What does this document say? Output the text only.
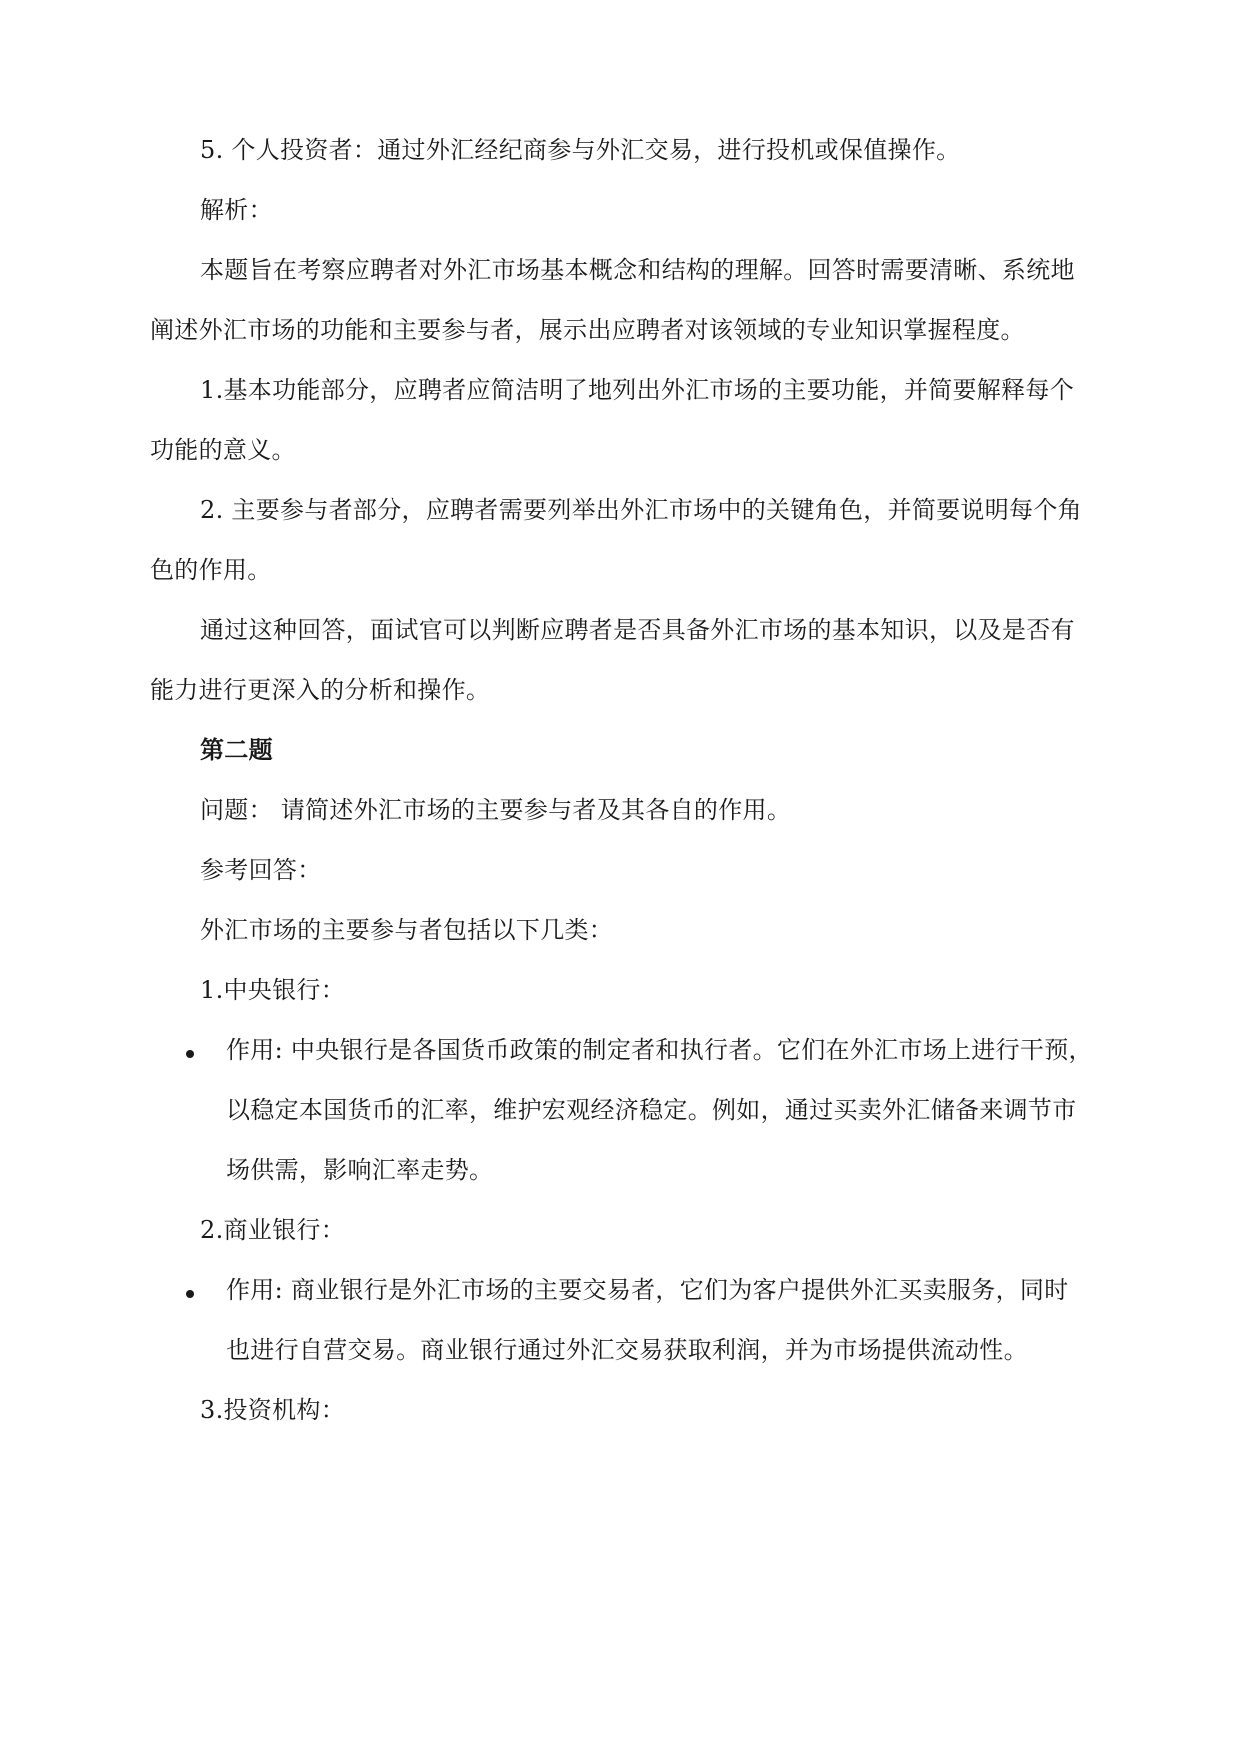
5. 个人投资者：通过外汇经纪商参与外汇交易，进行投机或保值操作。
解析：
本题旨在考察应聘者对外汇市场基本概念和结构的理解。回答时需要清晰、系统地
阐述外汇市场的功能和主要参与者，展示出应聘者对该领域的专业知识掌握程度。
1.基本功能部分，应聘者应简洁明了地列出外汇市场的主要功能，并简要解释每个
功能的意义。
2. 主要参与者部分，应聘者需要列举出外汇市场中的关键角色，并简要说明每个角
色的作用。
通过这种回答，面试官可以判断应聘者是否具备外汇市场的基本知识，以及是否有
能力进行更深入的分析和操作。
第二题
问题： 请简述外汇市场的主要参与者及其各自的作用。
参考回答：
外汇市场的主要参与者包括以下几类：
1.中央银行：
作用: 中央银行是各国货币政策的制定者和执行者。它们在外汇市场上进行干预，
以稳定本国货币的汇率，维护宏观经济稳定。例如，通过买卖外汇储备来调节市
场供需，影响汇率走势。
2.商业银行：
作用: 商业银行是外汇市场的主要交易者，它们为客户提供外汇买卖服务，同时
也进行自营交易。商业银行通过外汇交易获取利润，并为市场提供流动性。
3.投资机构：
